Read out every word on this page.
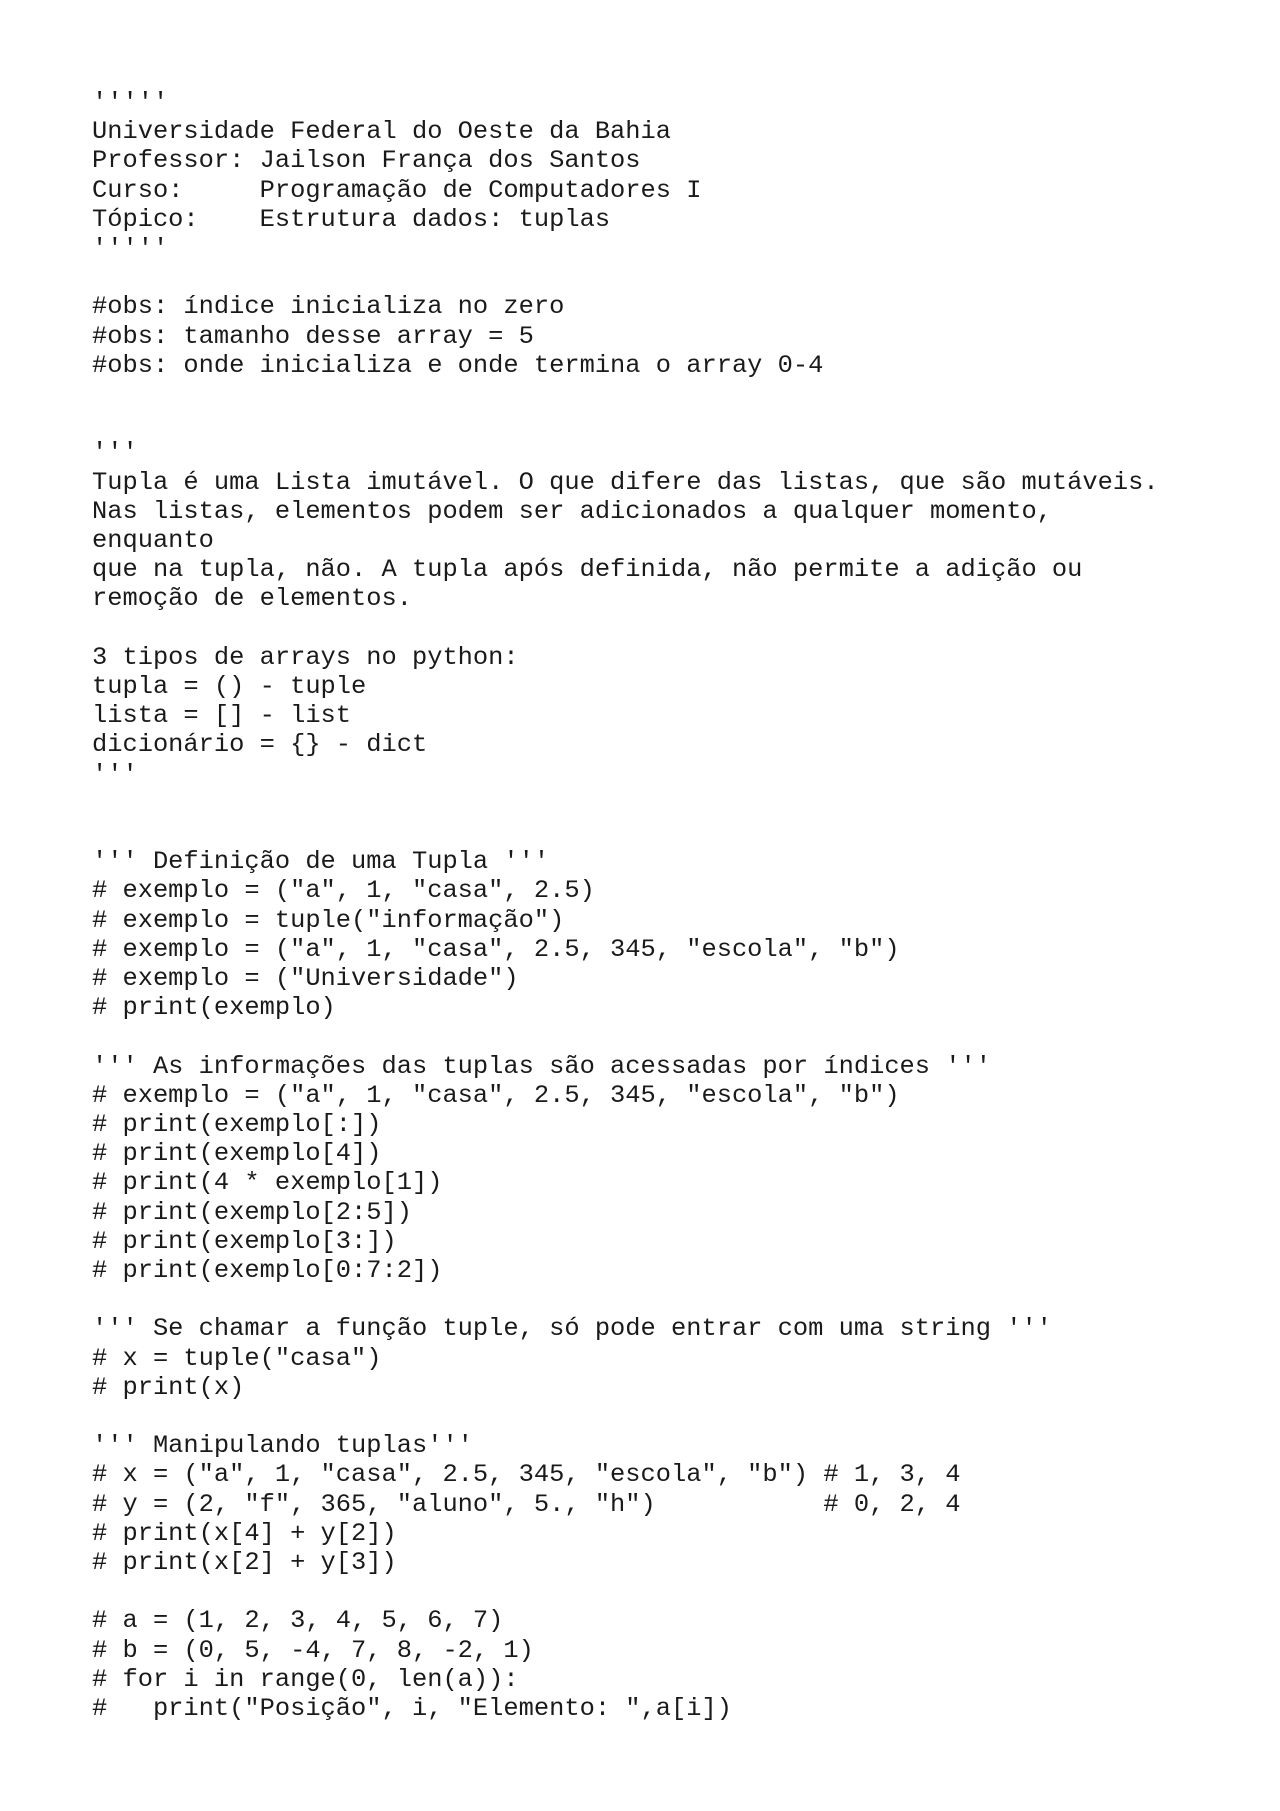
'''''
Universidade Federal do Oeste da Bahia
Professor: Jailson França dos Santos
Curso:     Programação de Computadores I
Tópico:    Estrutura dados: tuplas
'''''
#obs: índice inicializa no zero
#obs: tamanho desse array = 5
#obs: onde inicializa e onde termina o array 0-4
'''
Tupla é uma Lista imutável. O que difere das listas, que são mutáveis.
Nas listas, elementos podem ser adicionados a qualquer momento,
enquanto
que na tupla, não. A tupla após definida, não permite a adição ou
remoção de elementos.
3 tipos de arrays no python:
tupla = () - tuple
lista = [] - list
dicionário = {} - dict
'''
''' Definição de uma Tupla '''
# exemplo = ("a", 1, "casa", 2.5)
# exemplo = tuple("informação")
# exemplo = ("a", 1, "casa", 2.5, 345, "escola", "b")
# exemplo = ("Universidade")
# print(exemplo)
''' As informações das tuplas são acessadas por índices '''
# exemplo = ("a", 1, "casa", 2.5, 345, "escola", "b")
# print(exemplo[:])
# print(exemplo[4])
# print(4 * exemplo[1])
# print(exemplo[2:5])
# print(exemplo[3:])
# print(exemplo[0:7:2])
''' Se chamar a função tuple, só pode entrar com uma string '''
# x = tuple("casa")
# print(x)
''' Manipulando tuplas'''
# x = ("a", 1, "casa", 2.5, 345, "escola", "b") # 1, 3, 4
# y = (2, "f", 365, "aluno", 5., "h")           # 0, 2, 4
# print(x[4] + y[2])
# print(x[2] + y[3])
# a = (1, 2, 3, 4, 5, 6, 7)
# b = (0, 5, -4, 7, 8, -2, 1)
# for i in range(0, len(a)):
#   print("Posição", i, "Elemento: ",a[i])
